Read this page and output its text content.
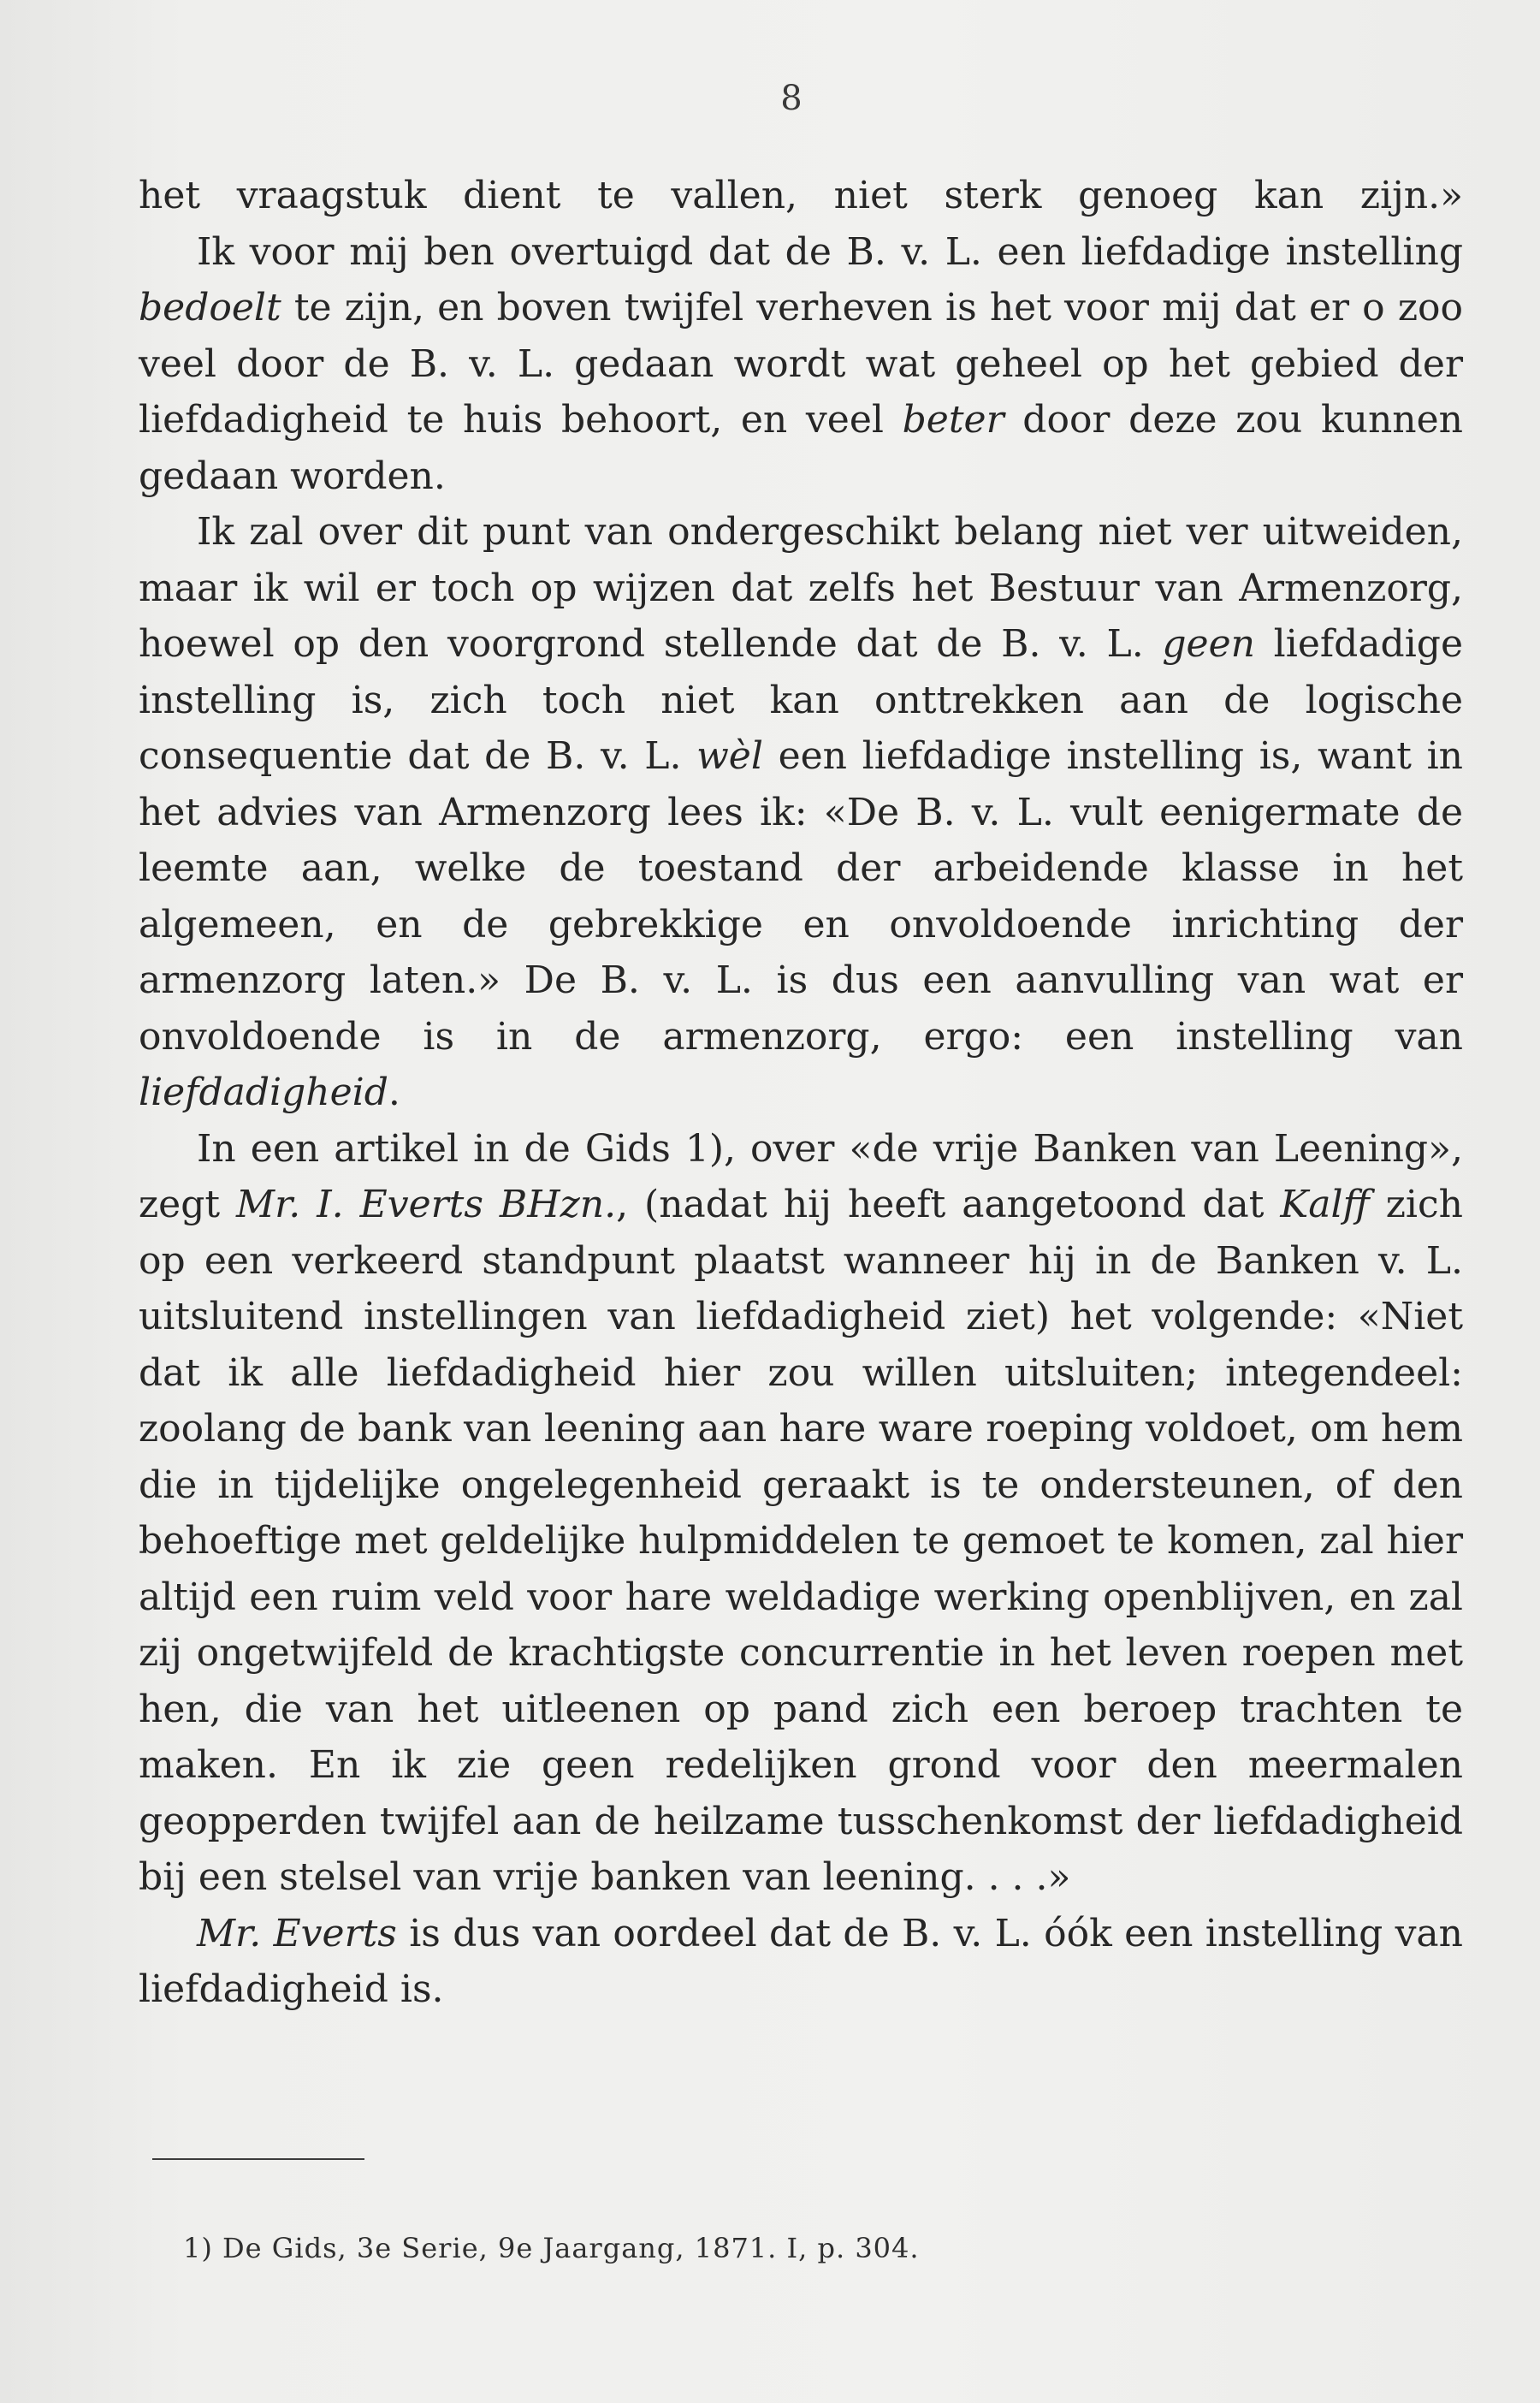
8

het vraagstuk dient te vallen, niet sterk genoeg kan zijn.»

Ik voor mij ben overtuigd dat de B. v. L. een liefdadige instelling bedoelt te zijn, en boven twijfel verheven is het voor mij dat er o zoo veel door de B. v. L. gedaan wordt wat geheel op het gebied der liefdadigheid te huis behoort, en veel beter door deze zou kunnen gedaan worden.

Ik zal over dit punt van ondergeschikt belang niet ver uitweiden, maar ik wil er toch op wijzen dat zelfs het Bestuur van Armenzorg, hoewel op den voorgrond stellende dat de B. v. L. geen liefdadige instelling is, zich toch niet kan onttrekken aan de logische consequentie dat de B. v. L. wèl een liefdadige instelling is, want in het advies van Armenzorg lees ik: «De B. v. L. vult eenigermate de leemte aan, welke de toestand der arbeidende klasse in het algemeen, en de gebrekkige en onvoldoende inrichting der armenzorg laten.» De B. v. L. is dus een aanvulling van wat er onvoldoende is in de armenzorg, ergo: een instelling van liefdadigheid.

In een artikel in de Gids 1), over «de vrije Banken van Leening», zegt Mr. I. Everts BHzn., (nadat hij heeft aangetoond dat Kalff zich op een verkeerd standpunt plaatst wanneer hij in de Banken v. L. uitsluitend instellingen van liefdadigheid ziet) het volgende: «Niet dat ik alle liefdadigheid hier zou willen uitsluiten; integendeel: zoolang de bank van leening aan hare ware roeping voldoet, om hem die in tijdelijke ongelegenheid geraakt is te ondersteunen, of den behoeftige met geldelijke hulpmiddelen te gemoet te komen, zal hier altijd een ruim veld voor hare weldadige werking openblijven, en zal zij ongetwijfeld de krachtigste concurrentie in het leven roepen met hen, die van het uitleenen op pand zich een beroep trachten te maken. En ik zie geen redelijken grond voor den meermalen geopperden twijfel aan de heilzame tusschenkomst der liefdadigheid bij een stelsel van vrije banken van leening. . . .»

Mr. Everts is dus van oordeel dat de B. v. L. óók een instelling van liefdadigheid is.

1) De Gids, 3e Serie, 9e Jaargang, 1871. I, p. 304.
